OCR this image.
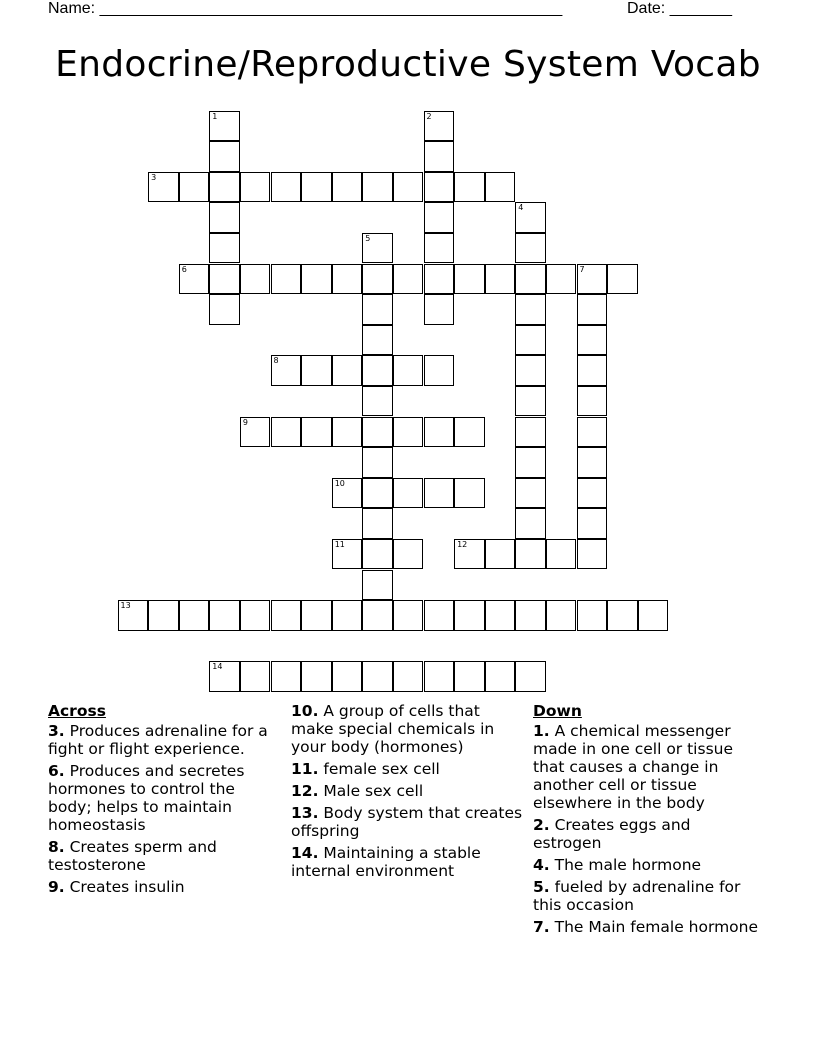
Name: ____________________________________________________	Date: _______
Endocrine/Reproductive System Vocab
1	2
3
4
5
6	7
8
9
10
11	12
13
14
Across
3. Produces adrenaline for a fight or flight experience.
6. Produces and secretes hormones to control the body; helps to maintain homeostasis
8. Creates sperm and testosterone
9. Creates insulin
10. A group of cells that make special chemicals in your body (hormones)
11. female sex cell
12. Male sex cell
13. Body system that creates offspring
14. Maintaining a stable internal environment
Down
1. A chemical messenger made in one cell or tissue that causes a change in another cell or tissue elsewhere in the body
2. Creates eggs and estrogen
4. The male hormone
5. fueled by adrenaline for this occasion
7. The Main female hormone
